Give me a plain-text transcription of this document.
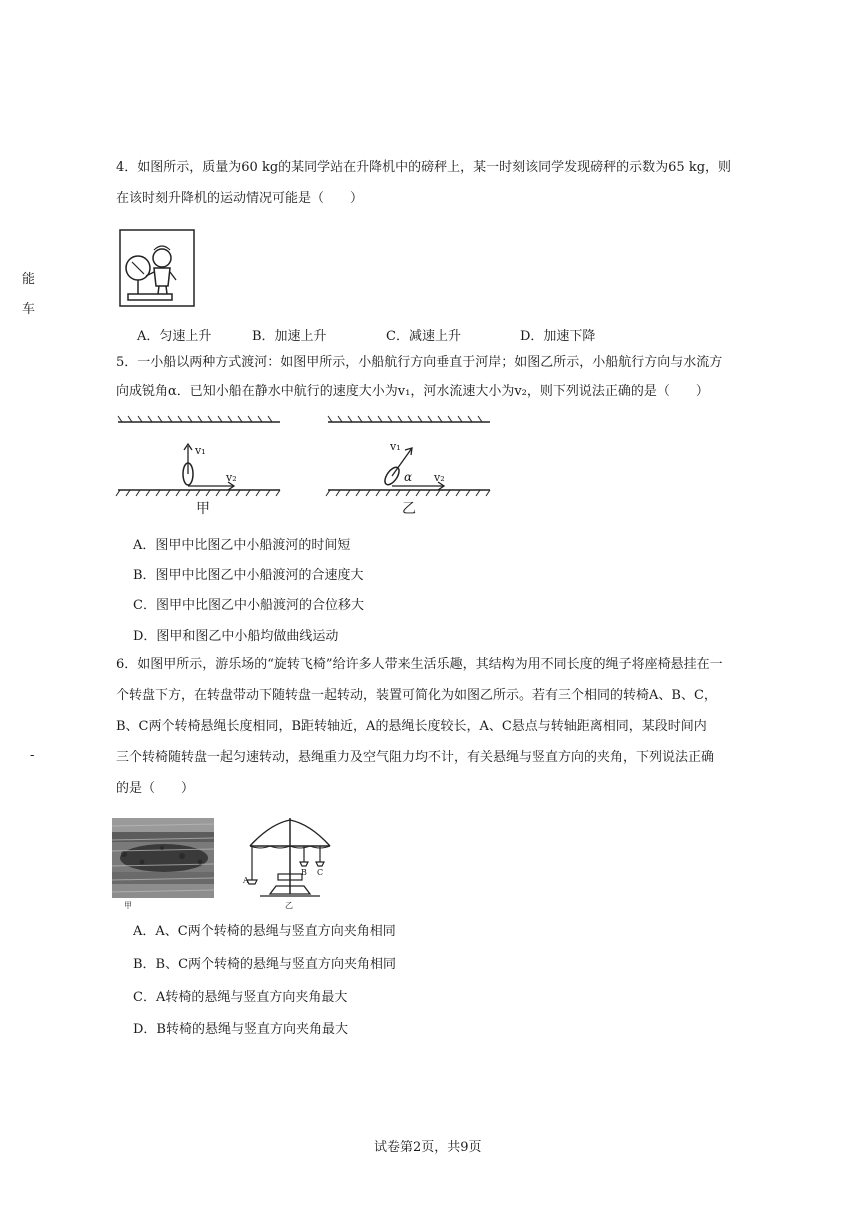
能
车
-
4．如图所示，质量为60 kg的某同学站在升降机中的磅秤上，某一时刻该同学发现磅秤的示数为65 kg，则
在该时刻升降机的运动情况可能是（　　）
A．匀速上升	B．加速上升	C．减速上升	D．加速下降
5．一小船以两种方式渡河：如图甲所示，小船航行方向垂直于河岸；如图乙所示，小船航行方向与水流方
向成锐角α．已知小船在静水中航行的速度大小为v₁，河水流速大小为v₂，则下列说法正确的是（　　）
v₁
v₂
甲
v₁
α v₂
乙
A．图甲中比图乙中小船渡河的时间短
B．图甲中比图乙中小船渡河的合速度大
C．图甲中比图乙中小船渡河的合位移大
D．图甲和图乙中小船均做曲线运动
6．如图甲所示，游乐场的“旋转飞椅”给许多人带来生活乐趣，其结构为用不同长度的绳子将座椅悬挂在一
个转盘下方，在转盘带动下随转盘一起转动，装置可简化为如图乙所示。若有三个相同的转椅A、B、C，
B、C两个转椅悬绳长度相同，B距转轴近，A的悬绳长度较长，A、C悬点与转轴距离相同，某段时间内
三个转椅随转盘一起匀速转动，悬绳重力及空气阻力均不计，有关悬绳与竖直方向的夹角，下列说法正确
的是（　　）
甲
A
B C
乙
A．A、C两个转椅的悬绳与竖直方向夹角相同
B．B、C两个转椅的悬绳与竖直方向夹角相同
C．A转椅的悬绳与竖直方向夹角最大
D．B转椅的悬绳与竖直方向夹角最大
试卷第2页，共9页
